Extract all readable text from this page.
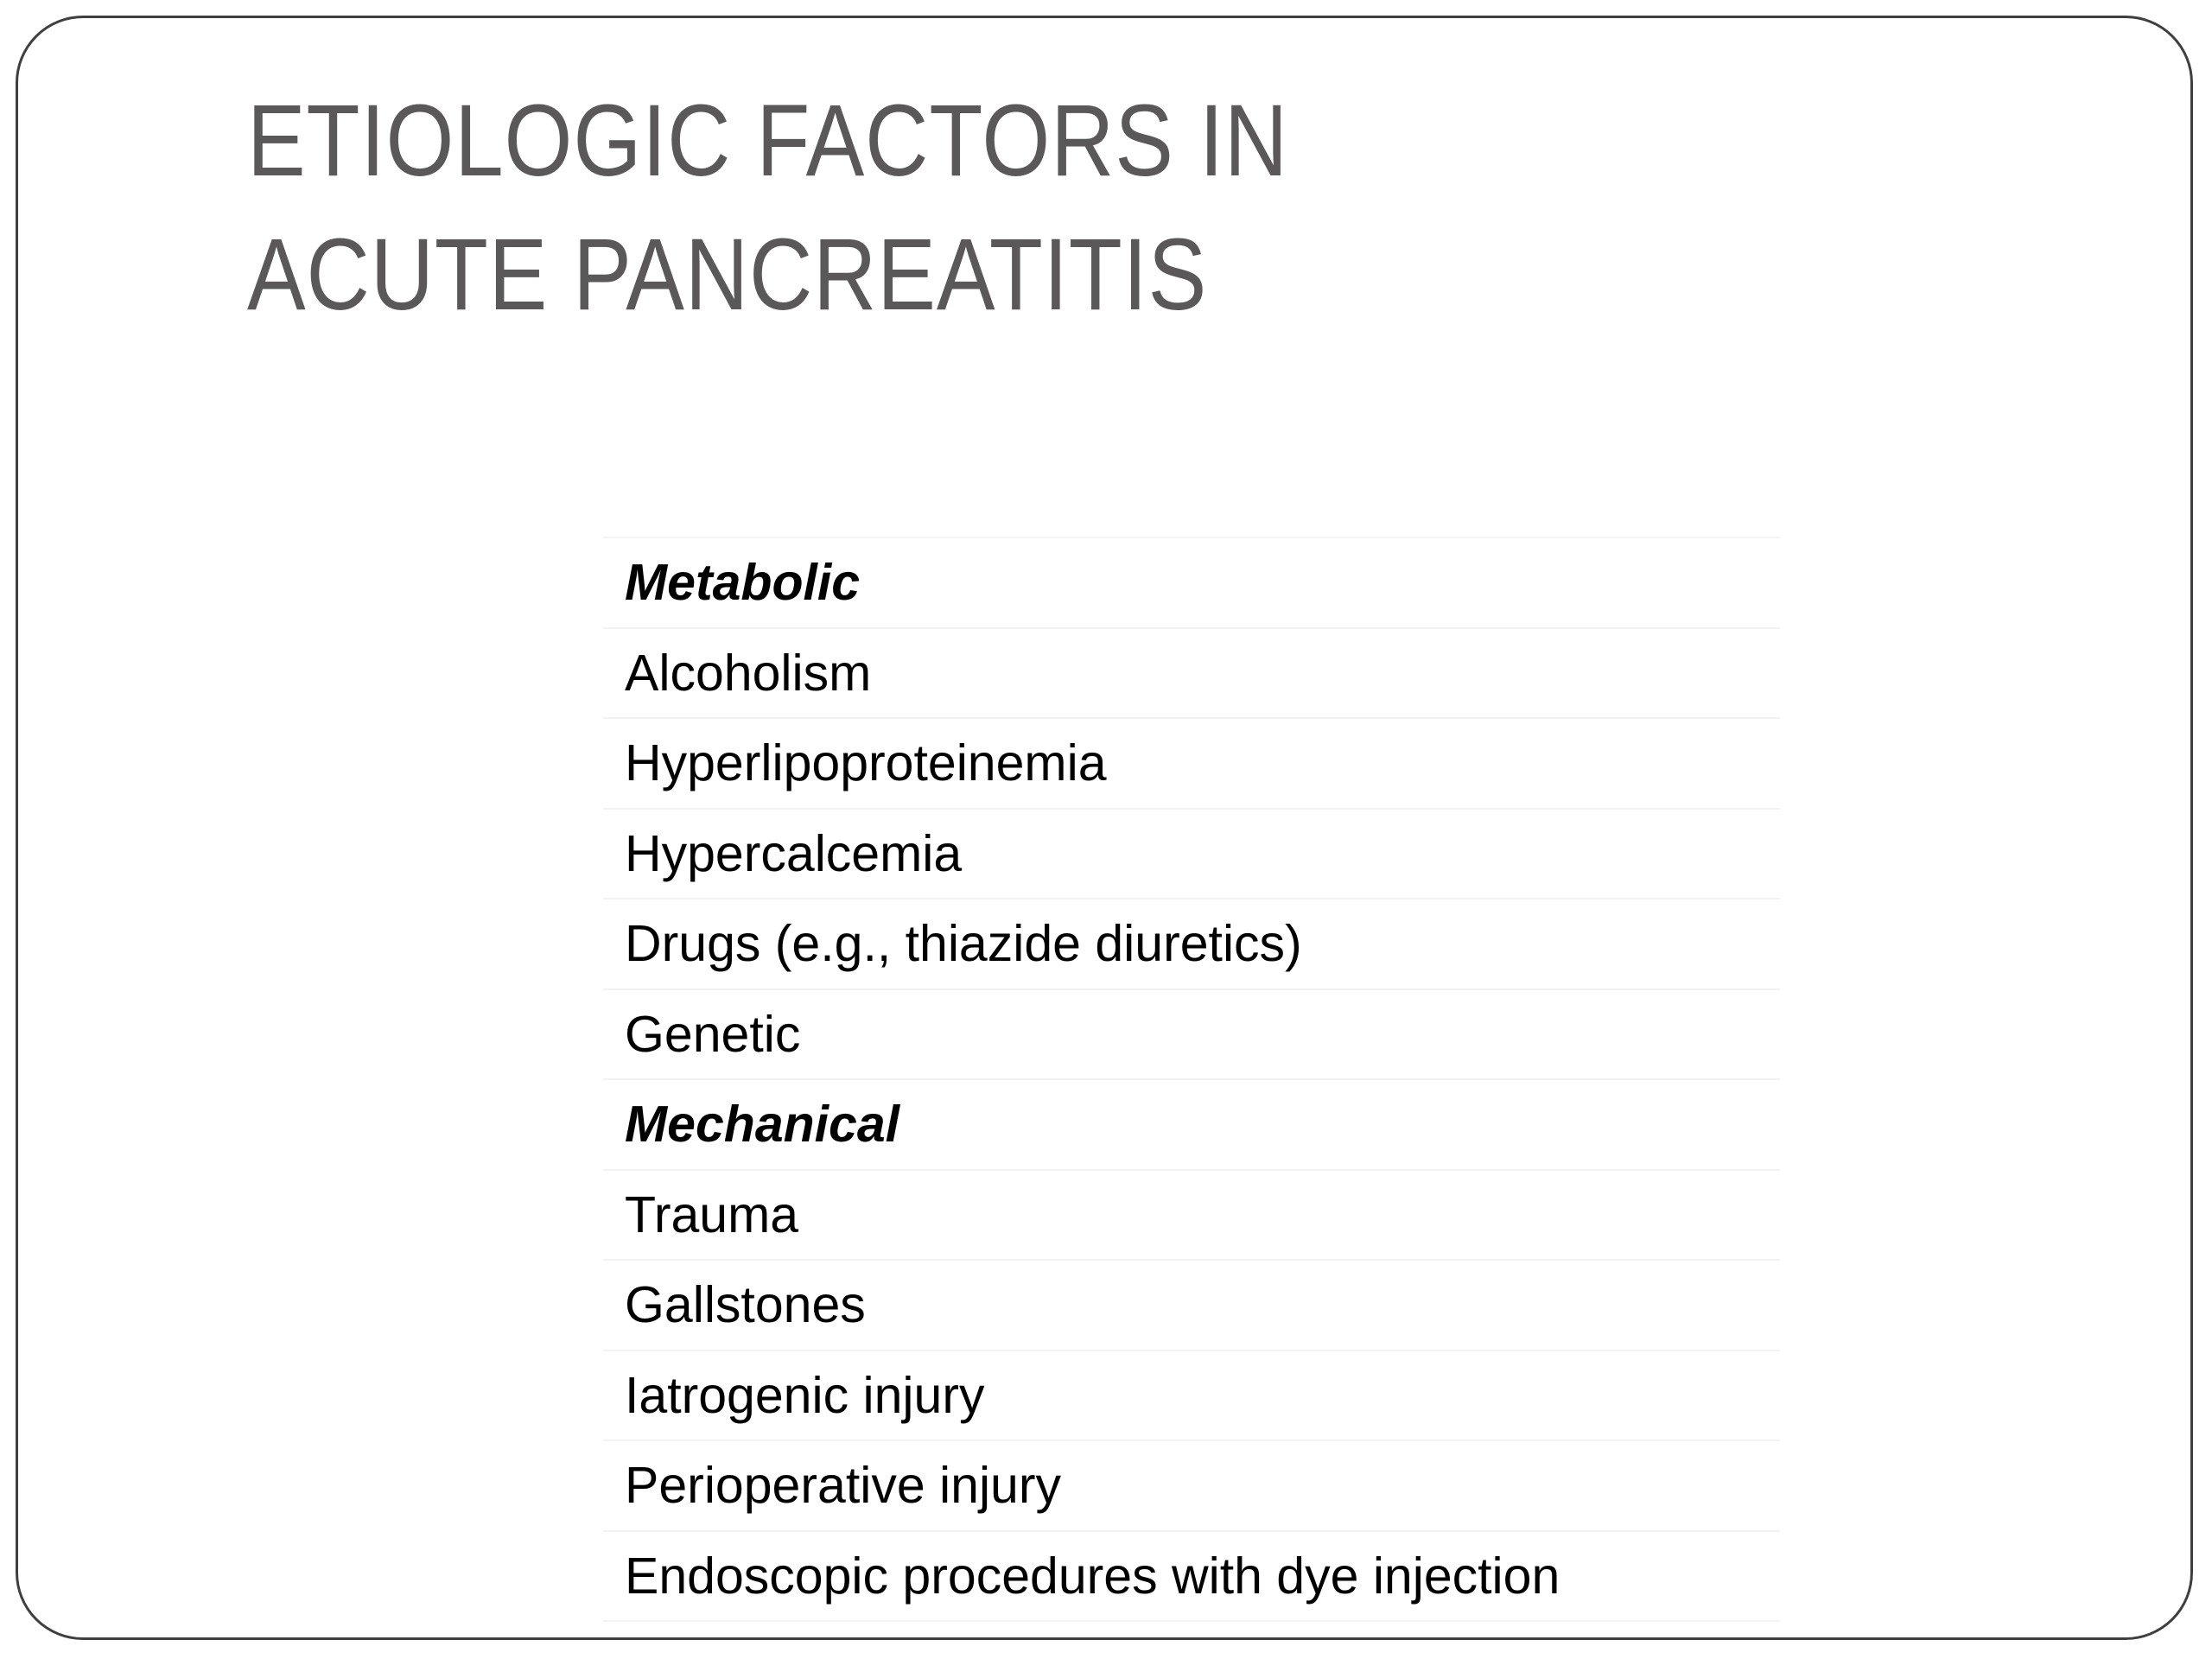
ETIOLOGIC FACTORS IN ACUTE PANCREATITIS
Metabolic
Alcoholism
Hyperlipoproteinemia
Hypercalcemia
Drugs (e.g., thiazide diuretics)
Genetic
Mechanical
Trauma
Gallstones
Iatrogenic injury
Perioperative injury
Endoscopic procedures with dye injection
